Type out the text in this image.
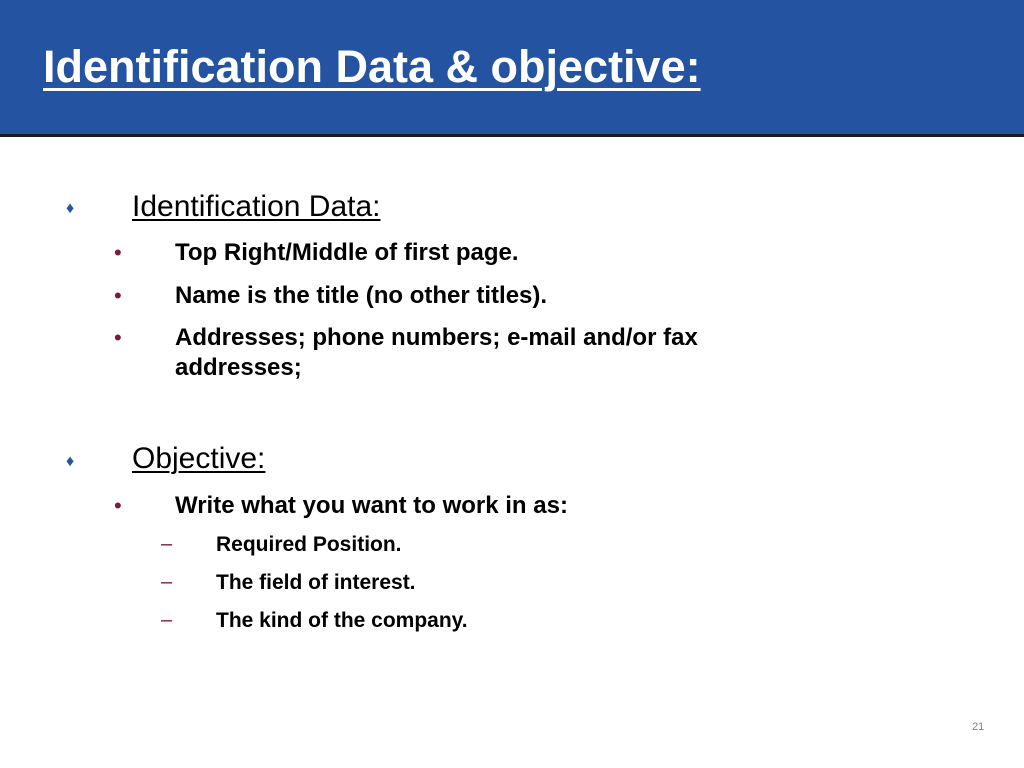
Identification Data & objective:
♦ Identification Data:
• Top Right/Middle of first page.
• Name is the title (no other titles).
• Addresses; phone numbers; e-mail and/or fax
addresses;
♦ Objective:
• Write what you want to work in as:
– Required Position.
– The field of interest.
– The kind of the company.
21
